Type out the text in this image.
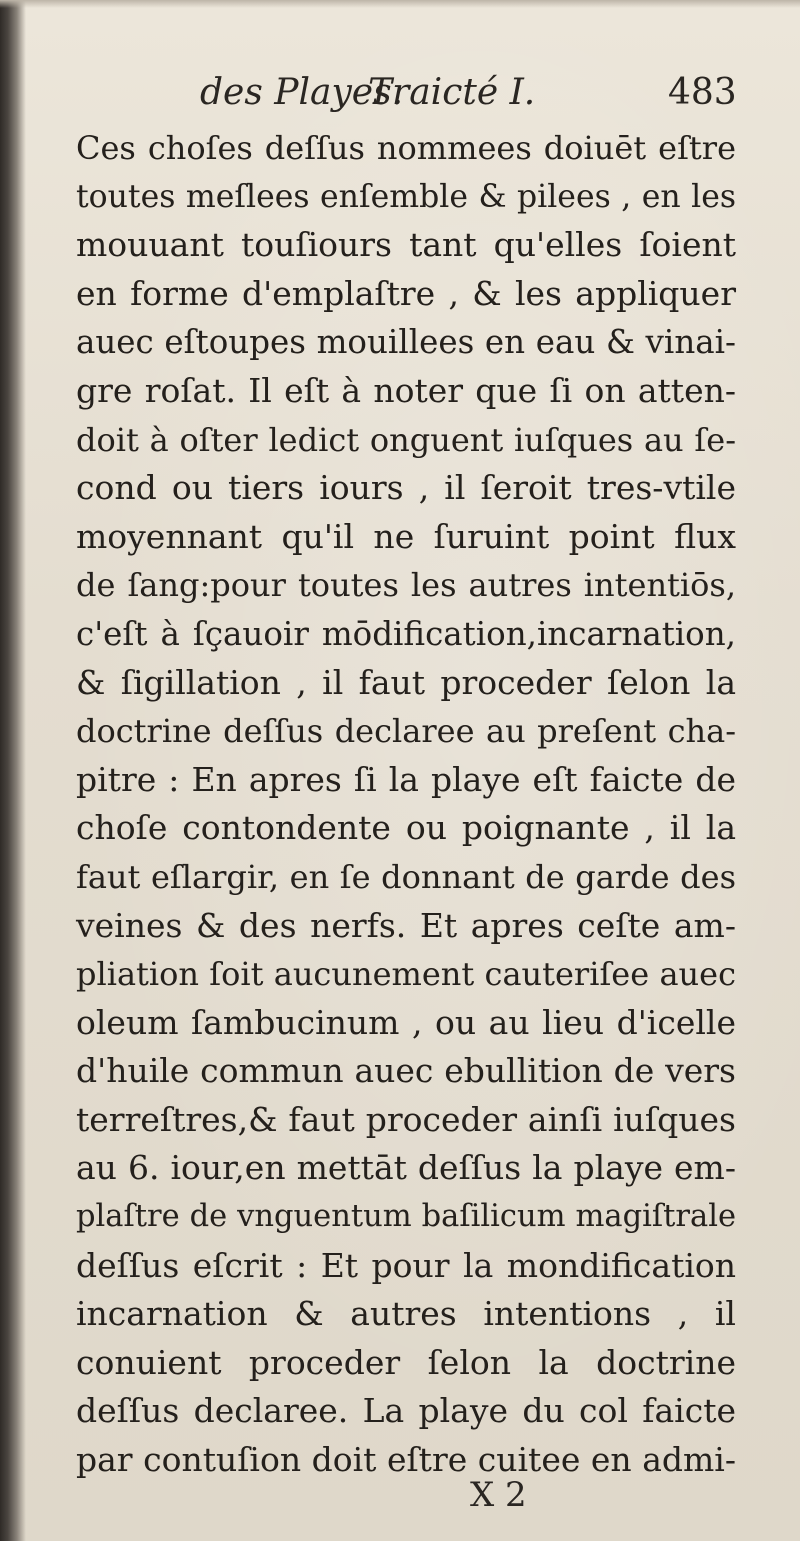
des Playes.
Traicté I.	483
Ces choſes deſſus nommees doiuēt eſtre
toutes meſlees enſemble & pilees , en les
mouuant touſiours tant qu'elles ſoient
en forme d'emplaſtre , & les appliquer
auec eſtoupes mouillees en eau & vinai-
gre roſat. Il eſt à noter que ſi on atten-
doit à oſter ledict onguent iuſques au ſe-
cond ou tiers iours , il ſeroit tres-vtile
moyennant qu'il ne ſuruint point flux
de ſang:pour toutes les autres intentiōs,
c'eſt à ſçauoir mōdification,incarnation,
& ſigillation , il faut proceder ſelon la
doctrine deſſus declaree au preſent cha-
pitre : En apres ſi la playe eſt faicte de
choſe contondente ou poignante , il la
faut eſlargir, en ſe donnant de garde des
veines & des nerfs. Et apres ceſte am-
pliation ſoit aucunement cauteriſee auec
oleum ſambucinum , ou au lieu d'icelle
d'huile commun auec ebullition de vers
terreſtres,& faut proceder ainſi iuſques
au 6. iour,en mettāt deſſus la playe em-
plaſtre de vnguentum baſilicum magiſtrale
deſſus eſcrit : Et pour la mondification
incarnation & autres intentions , il
conuient proceder ſelon la doctrine
deſſus declaree. La playe du col faicte
par contuſion doit eſtre cuitee en admi-
X 2
